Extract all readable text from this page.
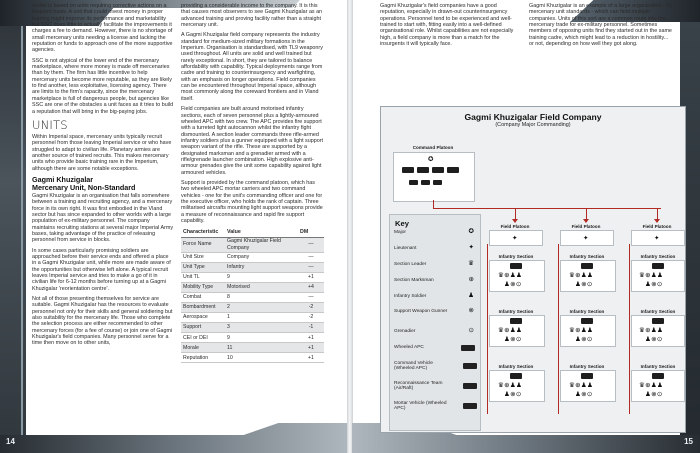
model is based on units requiring corrective actions on a frequent basis. A unit that could invest money in proper training might improve its performance and marketability but SSC does little to actually facilitate the improvements it charges a fee to demand. However, there is no shortage of small mercenary units needing a license and lacking the reputation or funds to approach one of the more supportive agencies.

SSC is not atypical of the lower end of the mercenary marketplace, where more money is made off mercenaries than by them. The firm has little incentive to help mercenary units become more reputable, as they are likely to find another, less exploitative, licensing agency. There are limits to the firm's rapacity, since the mercenary marketplace is full of dangerous people, but agencies like SSC are one of the obstacles a unit faces as it tries to build a reputation that will bring in the big-paying jobs.

UNITS

Within Imperial space, mercenary units typically recruit personnel from those leaving Imperial service or who have struggled to adapt to civilian life. Planetary armies are another source of trained recruits. This makes mercenary units who provide basic training rare in the Imperium, although there are some notable exceptions.

Gagmi Khuzigalar
Mercenary Unit, Non-Standard

Gagmi Khuzigalar is an organisation that falls somewhere between a training and recruiting agency, and a mercenary force in its own right. It was first embodied in the Vland sector but has since expanded to other worlds with a large population of ex-military personnel. The company maintains recruiting stations at several major Imperial Army bases, taking advantage of the practice of releasing personnel from service in blocks.

In some cases particularly promising soldiers are approached before their service ends and offered a place in a Gagmi Khuzigalar unit, while more are made aware of the opportunities but otherwise left alone. A typical recruit leaves Imperial service and tries to make a go of it in civilian life for 6-12 months before turning up at a Gagmi Khuzigalar 'reorientation centre'.

Not all of those presenting themselves for service are suitable. Gagmi Khuzigalar has the resources to evaluate personnel not only for their skills and general soldiering but also suitability for the mercenary life. Those who complete the selection process are either recommended to other mercenary forces (for a fee of course) or join one of Gagmi Khuzigalar's field companies. Many personnel serve for a time then move on to other units,

providing a considerable income to the company. It is this that causes most observers to see Gagmi Khuzigalar as an advanced training and proving facility rather than a straight mercenary unit.

A Gagmi Khuzigalar field company represents the industry standard for medium-sized military formations in the Imperium. Organisation is standardised, with TL9 weaponry used throughout. All units are solid and well trained but rarely exceptional. In short, they are tailored to balance affordability with capability. Typical deployments range from cadre and training to counterinsurgency and warfighting, with an emphasis on longer operations. Field companies can be encountered throughout Imperial space, although most commonly along the coreward frontiers and in Vland itself.

Field companies are built around motorised infantry sections, each of seven personnel plus a lightly-armoured wheeled APC with two crew. The APC provides fire support with a turreted light autocannon whilst the infantry fight dismounted. A section leader commands three rifle-armed infantry soldiers plus a gunner equipped with a light support weapon variant of the rifle. These are supported by a designated marksman and a grenadier armed with a rifle/grenade launcher combination. High explosive anti-armour grenades give the unit some capability against light armoured vehicles.

Support is provided by the command platoon, which has two wheeled APC mortar carriers and two command vehicles - one for the unit's commanding officer and one for the executive officer, who holds the rank of captain. Three militarised aircrafts mounting light support weapons provide a measure of reconnaissance and rapid fire support capability.

Characteristic	Value	DM
Force Name	Gagmi Khuzigalar Field Company	—
Unit Size	Company	—
Unit Type	Infantry	—
Unit TL	9	+1
Mobility Type	Motorised	+4
Combat	8	—
Bombardment	2	-2
Aerospace	1	-2
Support	3	-1
CEI or DEI	9	+1
Morale	11	+1
Reputation	10	+1
14

Gagmi Khuzigalar's field companies have a good reputation, especially in drawn-out counterinsurgency operations. Personnel tend to be experienced and well-trained to start with, fitting easily into a well-defined organisational role. Whilst capabilities are not especially high, a field company is more than a match for the insurgents it will typically face.

Gagmi Khuzigalar is an example of a large organisation - by mercenary unit standards - which can field multiple companies. Units of this sort are a common route into the mercenary trade for ex-military personnel. Sometimes members of opposing units find they started out in the same training cadre, which might lead to a reduction in hostility... or not, depending on how well they got along.

Gagmi Khuzigalar Field Company
(Company Major Commanding)
Command Platoon
✪
Field Platoon	Field Platoon	Field Platoon
✦	✦	✦
Infantry Section
♛⊕♟♟
♟⊗⊙
Infantry Section
♛⊕♟♟
♟⊗⊙
Infantry Section
♛⊕♟♟
♟⊗⊙
Infantry Section
♛⊕♟♟
♟⊗⊙
Infantry Section
♛⊕♟♟
♟⊗⊙
Infantry Section
♛⊕♟♟
♟⊗⊙
Infantry Section
♛⊕♟♟
♟⊗⊙
Infantry Section
♛⊕♟♟
♟⊗⊙
Infantry Section
♛⊕♟♟
♟⊗⊙
Key
Major	✪
Lieutenant	✦
Section Leader	♛
Section Marksman	⊕
Infantry Soldier	♟
Support Weapon Gunner	⊗
Grenadier	⊙
Wheeled APC
Command Vehicle (Wheeled APC)
Reconnaissance Team (Air/Raft)
Mortar Vehicle (Wheeled APC)
15
